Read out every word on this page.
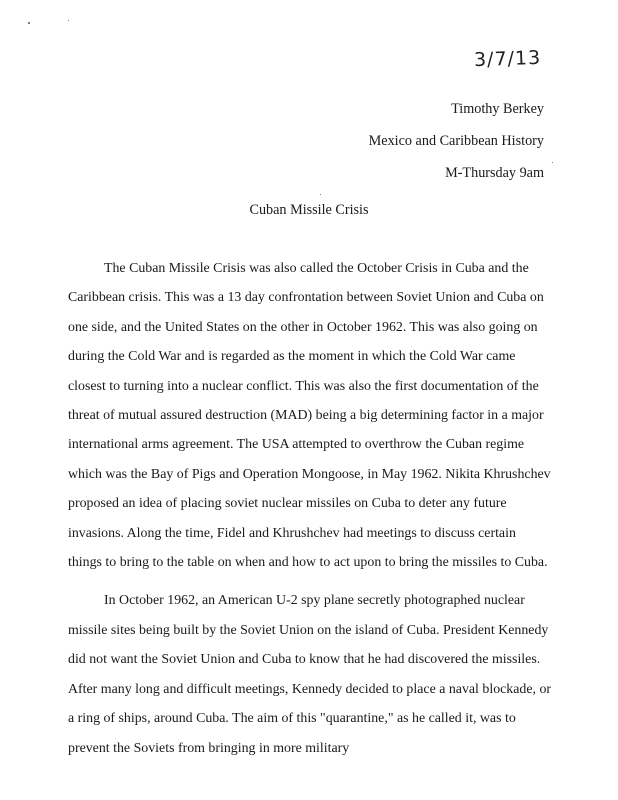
3/7/13
Timothy Berkey
Mexico and Caribbean History
M-Thursday 9am
Cuban Missile Crisis

The Cuban Missile Crisis was also called the October Crisis in Cuba and the Caribbean crisis. This was a 13 day confrontation between Soviet Union and Cuba on one side, and the United States on the other in October 1962. This was also going on during the Cold War and is regarded as the moment in which the Cold War came closest to turning into a nuclear conflict. This was also the first documentation of the threat of mutual assured destruction (MAD) being a big determining factor in a major international arms agreement. The USA attempted to overthrow the Cuban regime which was the Bay of Pigs and Operation Mongoose, in May 1962. Nikita Khrushchev proposed an idea of placing soviet nuclear missiles on Cuba to deter any future invasions. Along the time, Fidel and Khrushchev had meetings to discuss certain things to bring to the table on when and how to act upon to bring the missiles to Cuba.

In October 1962, an American U-2 spy plane secretly photographed nuclear missile sites being built by the Soviet Union on the island of Cuba. President Kennedy did not want the Soviet Union and Cuba to know that he had discovered the missiles. After many long and difficult meetings, Kennedy decided to place a naval blockade, or a ring of ships, around Cuba. The aim of this "quarantine," as he called it, was to prevent the Soviets from bringing in more military
